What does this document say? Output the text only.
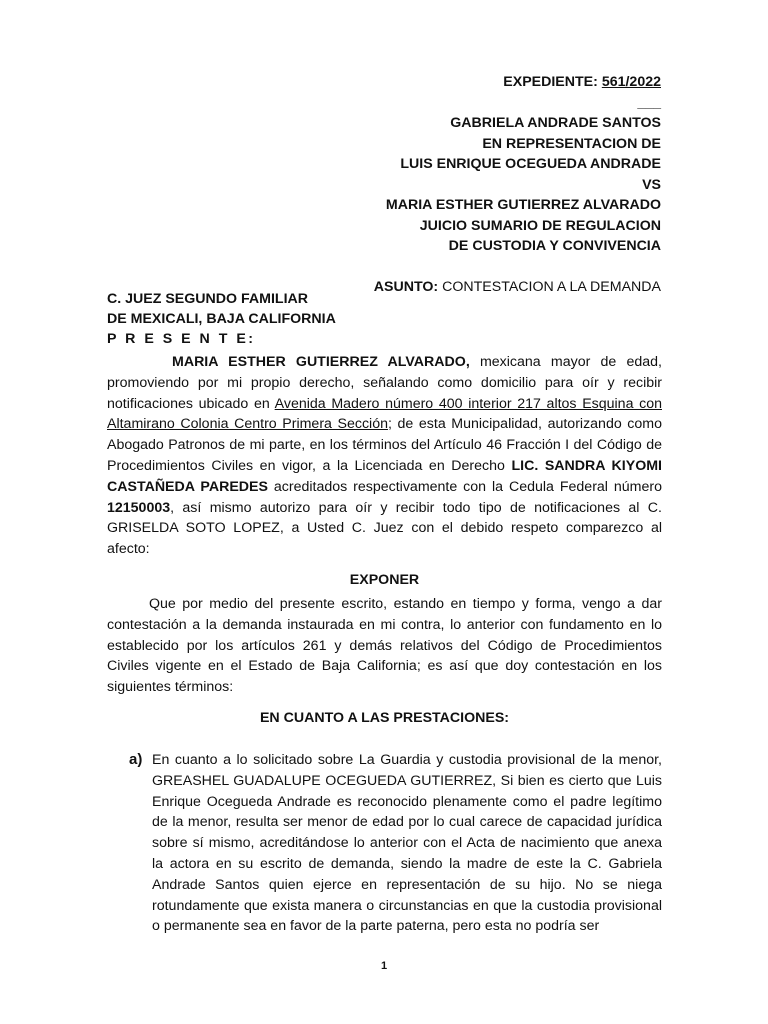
EXPEDIENTE: 561/2022
___
GABRIELA ANDRADE SANTOS
EN REPRESENTACION DE
LUIS ENRIQUE OCEGUEDA ANDRADE
VS
MARIA ESTHER GUTIERREZ ALVARADO
JUICIO SUMARIO DE REGULACION
DE CUSTODIA Y CONVIVENCIA
ASUNTO: CONTESTACION A LA DEMANDA
C. JUEZ SEGUNDO FAMILIAR
DE MEXICALI, BAJA CALIFORNIA
P R E S E N T E:
MARIA ESTHER GUTIERREZ ALVARADO, mexicana mayor de edad, promoviendo por mi propio derecho, señalando como domicilio para oír y recibir notificaciones ubicado en Avenida Madero número 400 interior 217 altos Esquina con Altamirano Colonia Centro Primera Sección; de esta Municipalidad, autorizando como Abogado Patronos de mi parte, en los términos del Artículo 46 Fracción I del Código de Procedimientos Civiles en vigor, a la Licenciada en Derecho LIC. SANDRA KIYOMI CASTAÑEDA PAREDES acreditados respectivamente con la Cedula Federal número 12150003, así mismo autorizo para oír y recibir todo tipo de notificaciones al C. GRISELDA SOTO LOPEZ, a Usted C. Juez con el debido respeto comparezco al afecto:
EXPONER
Que por medio del presente escrito, estando en tiempo y forma, vengo a dar contestación a la demanda instaurada en mi contra, lo anterior con fundamento en lo establecido por los artículos 261 y demás relativos del Código de Procedimientos Civiles vigente en el Estado de Baja California; es así que doy contestación en los siguientes términos:
EN CUANTO A LAS PRESTACIONES:
a) En cuanto a lo solicitado sobre La Guardia y custodia provisional de la menor, GREASHEL GUADALUPE OCEGUEDA GUTIERREZ, Si bien es cierto que Luis Enrique Ocegueda Andrade es reconocido plenamente como el padre legítimo de la menor, resulta ser menor de edad por lo cual carece de capacidad jurídica sobre sí mismo, acreditándose lo anterior con el Acta de nacimiento que anexa la actora en su escrito de demanda, siendo la madre de este la C. Gabriela Andrade Santos quien ejerce en representación de su hijo. No se niega rotundamente que exista manera o circunstancias en que la custodia provisional o permanente sea en favor de la parte paterna, pero esta no podría ser
1
